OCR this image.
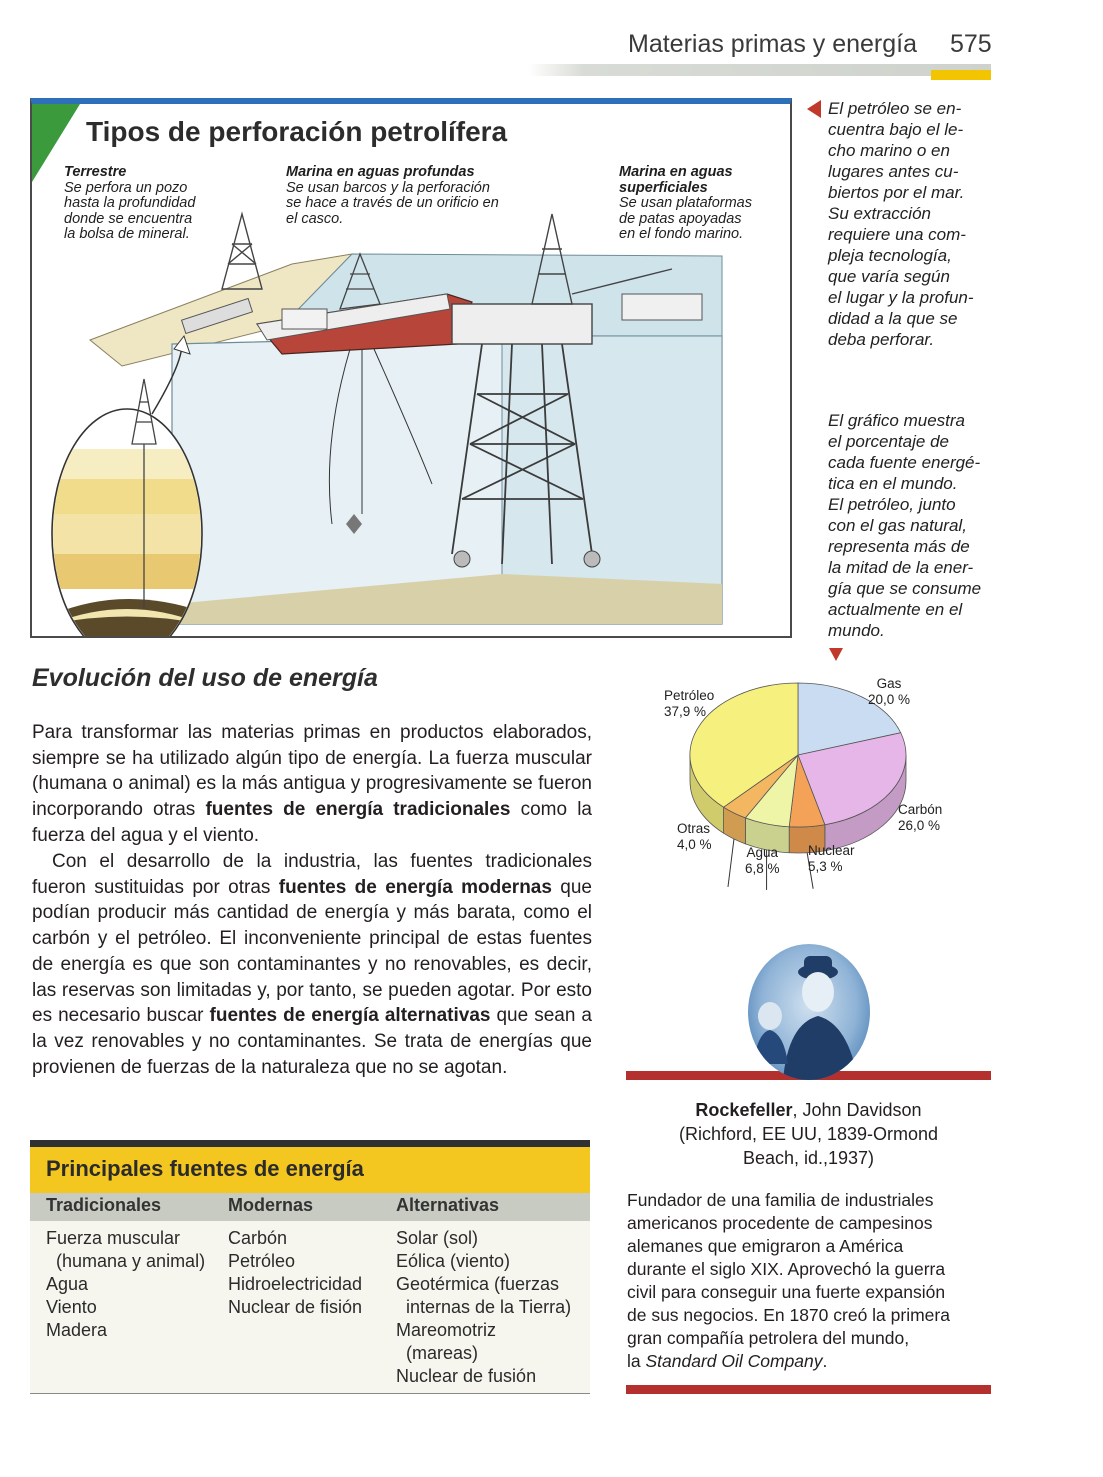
Materias primas y energía 575
Tipos de perforación petrolífera
Terrestre
Se perfora un pozo
hasta la profundidad
donde se encuentra
la bolsa de mineral.
Marina en aguas profundas
Se usan barcos y la perforación
se hace a través de un orificio en
el casco.
Marina en aguas
superficiales
Se usan plataformas
de patas apoyadas
en el fondo marino.
El petróleo se en-
cuentra bajo el le-
cho marino o en
lugares antes cu-
biertos por el mar.
Su extracción
requiere una com-
pleja tecnología,
que varía según
el lugar y la profun-
didad a la que se
deba perforar.
El gráfico muestra
el porcentaje de
cada fuente energé-
tica en el mundo.
El petróleo, junto
con el gas natural,
representa más de
la mitad de la ener-
gía que se consume
actualmente en el
mundo.
Petróleo
37,9 %
Gas
20,0 %
Carbón
26,0 %
Nuclear
5,3 %
Agua
6,8 %
Otras
4,0 %
Evolución del uso de energía
Para transformar las materias primas en productos elaborados, siempre se ha utilizado algún tipo de energía. La fuerza muscular (humana o animal) es la más antigua y progresivamente se fueron incorporando otras fuentes de energía tradicionales como la fuerza del agua y el viento.
Con el desarrollo de la industria, las fuentes tradicionales fueron sustituidas por otras fuentes de energía modernas que podían producir más cantidad de energía y más barata, como el carbón y el petróleo. El inconveniente principal de estas fuentes de energía es que son contaminantes y no renovables, es decir, las reservas son limitadas y, por tanto, se pueden agotar. Por esto es necesario buscar fuentes de energía alternativas que sean a la vez renovables y no contaminantes. Se trata de energías que provienen de fuerzas de la naturaleza que no se agotan.
Principales fuentes de energía
Tradicionales	Modernas	Alternativas
Fuerza muscular
(humana y animal)
Agua
Viento
Madera
Carbón
Petróleo
Hidroelectricidad
Nuclear de fisión
Solar (sol)
Eólica (viento)
Geotérmica (fuerzas
internas de la Tierra)
Mareomotriz
(mareas)
Nuclear de fusión
Rockefeller, John Davidson
(Richford, EE UU, 1839-Ormond
Beach, id.,1937)
Fundador de una familia de industriales
americanos procedente de campesinos
alemanes que emigraron a América
durante el siglo XIX. Aprovechó la guerra
civil para conseguir una fuerte expansión
de sus negocios. En 1870 creó la primera
gran compañía petrolera del mundo,
la Standard Oil Company.
